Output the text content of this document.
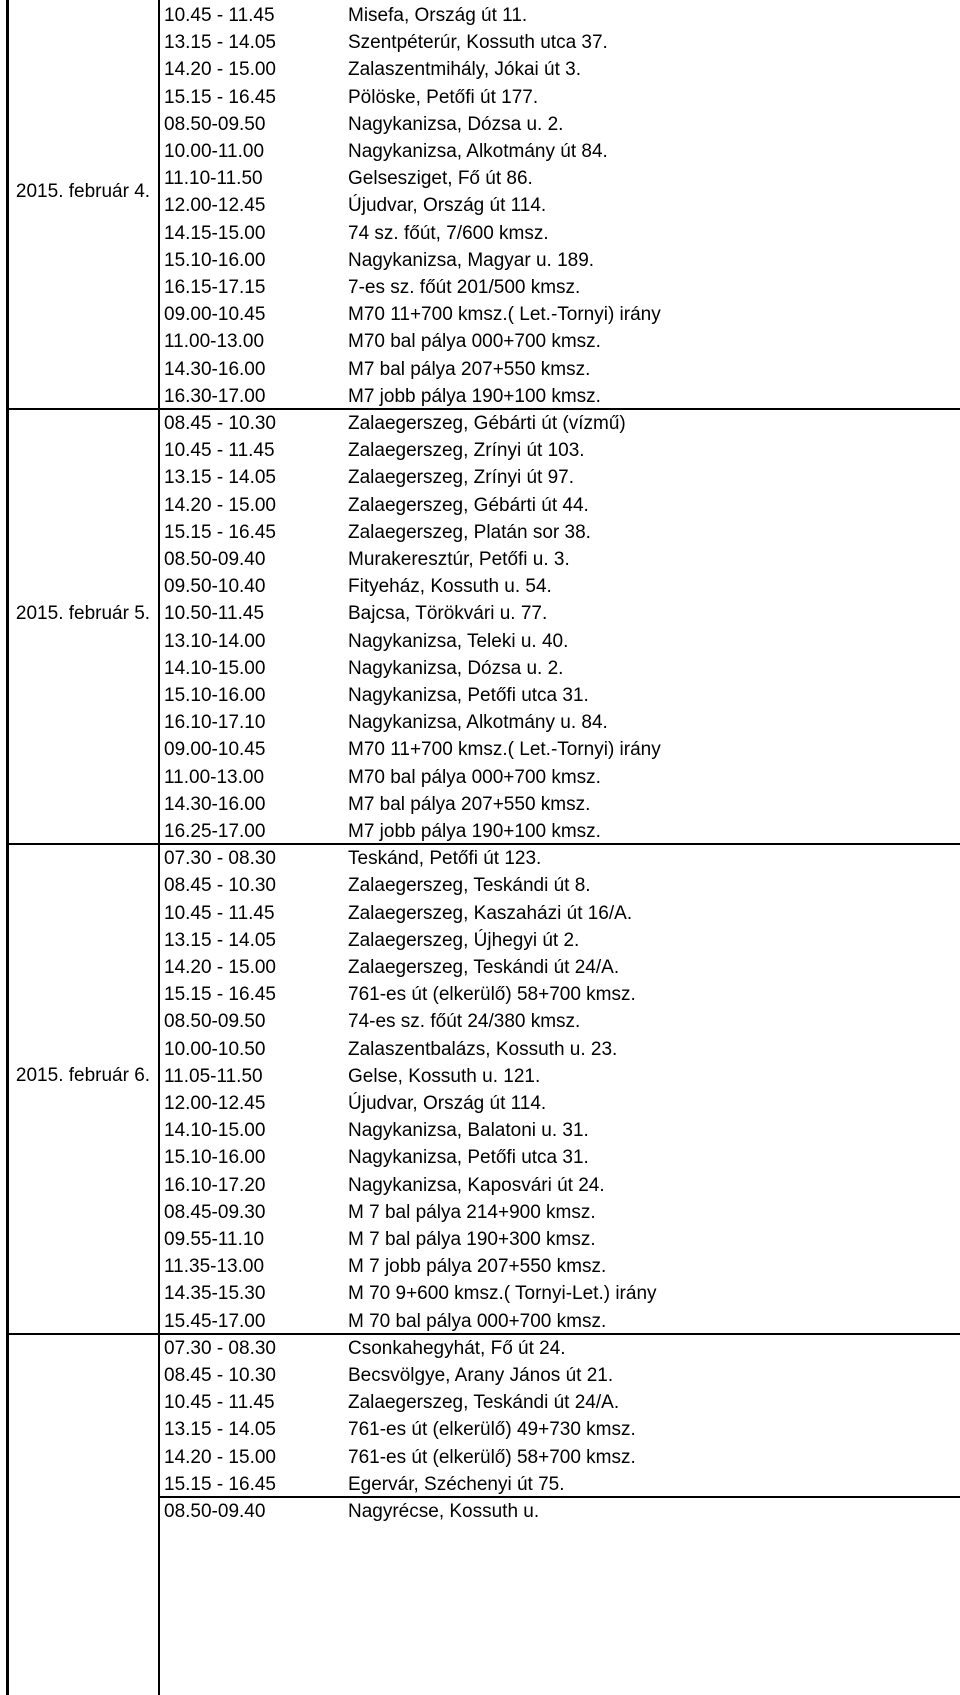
10.45 - 11.45	Misefa, Ország út 11.
13.15 - 14.05	Szentpéterúr, Kossuth utca 37.
14.20 - 15.00	Zalaszentmihály, Jókai út 3.
15.15 - 16.45	Pölöske, Petőfi út 177.
08.50-09.50	Nagykanizsa, Dózsa u. 2.
10.00-11.00	Nagykanizsa, Alkotmány út 84.
11.10-11.50	Gelsesziget, Fő út 86.
12.00-12.45	Újudvar, Ország út 114.
14.15-15.00	74 sz. főút, 7/600 kmsz.
15.10-16.00	Nagykanizsa, Magyar u. 189.
16.15-17.15	7-es sz. főút 201/500 kmsz.
09.00-10.45	M70 11+700 kmsz.( Let.-Tornyi) irány
11.00-13.00	M70 bal pálya 000+700 kmsz.
14.30-16.00	M7 bal pálya 207+550 kmsz.
16.30-17.00	M7 jobb pálya 190+100 kmsz.
2015. február 4.
08.45 - 10.30	Zalaegerszeg, Gébárti út (vízmű)
10.45 - 11.45	Zalaegerszeg, Zrínyi út 103.
13.15 - 14.05	Zalaegerszeg, Zrínyi út 97.
14.20 - 15.00	Zalaegerszeg, Gébárti út 44.
15.15 - 16.45	Zalaegerszeg, Platán sor 38.
08.50-09.40	Murakeresztúr, Petőfi u. 3.
09.50-10.40	Fityeház, Kossuth u. 54.
10.50-11.45	Bajcsa, Törökvári u. 77.
13.10-14.00	Nagykanizsa, Teleki u. 40.
14.10-15.00	Nagykanizsa, Dózsa u. 2.
15.10-16.00	Nagykanizsa, Petőfi utca 31.
16.10-17.10	Nagykanizsa, Alkotmány u. 84.
09.00-10.45	M70 11+700 kmsz.( Let.-Tornyi) irány
11.00-13.00	M70 bal pálya 000+700 kmsz.
14.30-16.00	M7 bal pálya 207+550 kmsz.
16.25-17.00	M7 jobb pálya 190+100 kmsz.
2015. február 5.
07.30 - 08.30	Teskánd, Petőfi út 123.
08.45 - 10.30	Zalaegerszeg, Teskándi út 8.
10.45 - 11.45	Zalaegerszeg, Kaszaházi út 16/A.
13.15 - 14.05	Zalaegerszeg, Újhegyi út 2.
14.20 - 15.00	Zalaegerszeg, Teskándi út 24/A.
15.15 - 16.45	761-es út (elkerülő) 58+700 kmsz.
08.50-09.50	74-es sz. főút 24/380 kmsz.
10.00-10.50	Zalaszentbalázs, Kossuth u. 23.
11.05-11.50	Gelse, Kossuth u. 121.
12.00-12.45	Újudvar, Ország út 114.
14.10-15.00	Nagykanizsa, Balatoni u. 31.
15.10-16.00	Nagykanizsa, Petőfi utca 31.
16.10-17.20	Nagykanizsa, Kaposvári út 24.
08.45-09.30	M 7 bal pálya 214+900 kmsz.
09.55-11.10	M 7 bal pálya 190+300 kmsz.
11.35-13.00	M 7 jobb pálya 207+550 kmsz.
14.35-15.30	M 70 9+600 kmsz.( Tornyi-Let.) irány
15.45-17.00	M 70 bal pálya 000+700 kmsz.
2015. február 6.
07.30 - 08.30	Csonkahegyhát, Fő út 24.
08.45 - 10.30	Becsvölgye, Arany János út 21.
10.45 - 11.45	Zalaegerszeg, Teskándi út 24/A.
13.15 - 14.05	761-es út (elkerülő) 49+730 kmsz.
14.20 - 15.00	761-es út (elkerülő) 58+700 kmsz.
15.15 - 16.45	Egervár, Széchenyi út 75.
08.50-09.40	Nagyrécse, Kossuth u.
